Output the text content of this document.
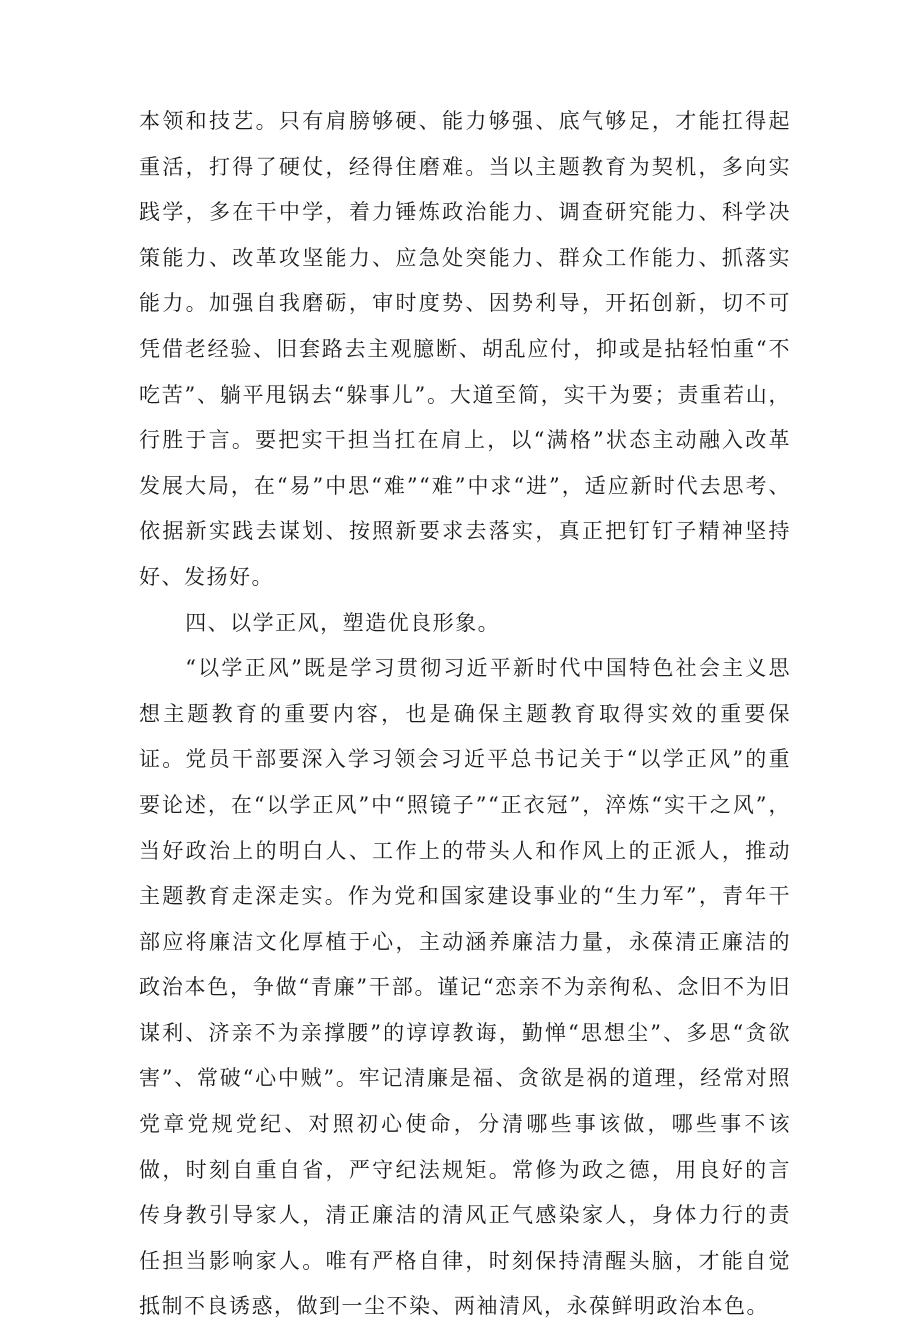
本领和技艺。只有肩膀够硬、能力够强、底气够足，才能扛得起重活，打得了硬仗，经得住磨难。当以主题教育为契机，多向实践学，多在干中学，着力锤炼政治能力、调查研究能力、科学决策能力、改革攻坚能力、应急处突能力、群众工作能力、抓落实能力。加强自我磨砺，审时度势、因势利导，开拓创新，切不可凭借老经验、旧套路去主观臆断、胡乱应付，抑或是拈轻怕重“不吃苦”、躺平甩锅去“躲事儿”。大道至简，实干为要；责重若山，行胜于言。要把实干担当扛在肩上，以“满格”状态主动融入改革发展大局，在“易”中思“难”“难”中求“进”，适应新时代去思考、依据新实践去谋划、按照新要求去落实，真正把钉钉子精神坚持好、发扬好。

四、以学正风，塑造优良形象。

“以学正风”既是学习贯彻习近平新时代中国特色社会主义思想主题教育的重要内容，也是确保主题教育取得实效的重要保证。党员干部要深入学习领会习近平总书记关于“以学正风”的重要论述，在“以学正风”中“照镜子”“正衣冠”，淬炼“实干之风”，当好政治上的明白人、工作上的带头人和作风上的正派人，推动主题教育走深走实。作为党和国家建设事业的“生力军”，青年干部应将廉洁文化厚植于心，主动涵养廉洁力量，永葆清正廉洁的政治本色，争做“青廉”干部。谨记“恋亲不为亲徇私、念旧不为旧谋利、济亲不为亲撑腰”的谆谆教诲，勤惮“思想尘”、多思“贪欲害”、常破“心中贼”。牢记清廉是福、贪欲是祸的道理，经常对照党章党规党纪、对照初心使命，分清哪些事该做，哪些事不该做，时刻自重自省，严守纪法规矩。常修为政之德，用良好的言传身教引导家人，清正廉洁的清风正气感染家人，身体力行的责任担当影响家人。唯有严格自律，时刻保持清醒头脑，才能自觉抵制不良诱惑，做到一尘不染、两袖清风，永葆鲜明政治本色。
